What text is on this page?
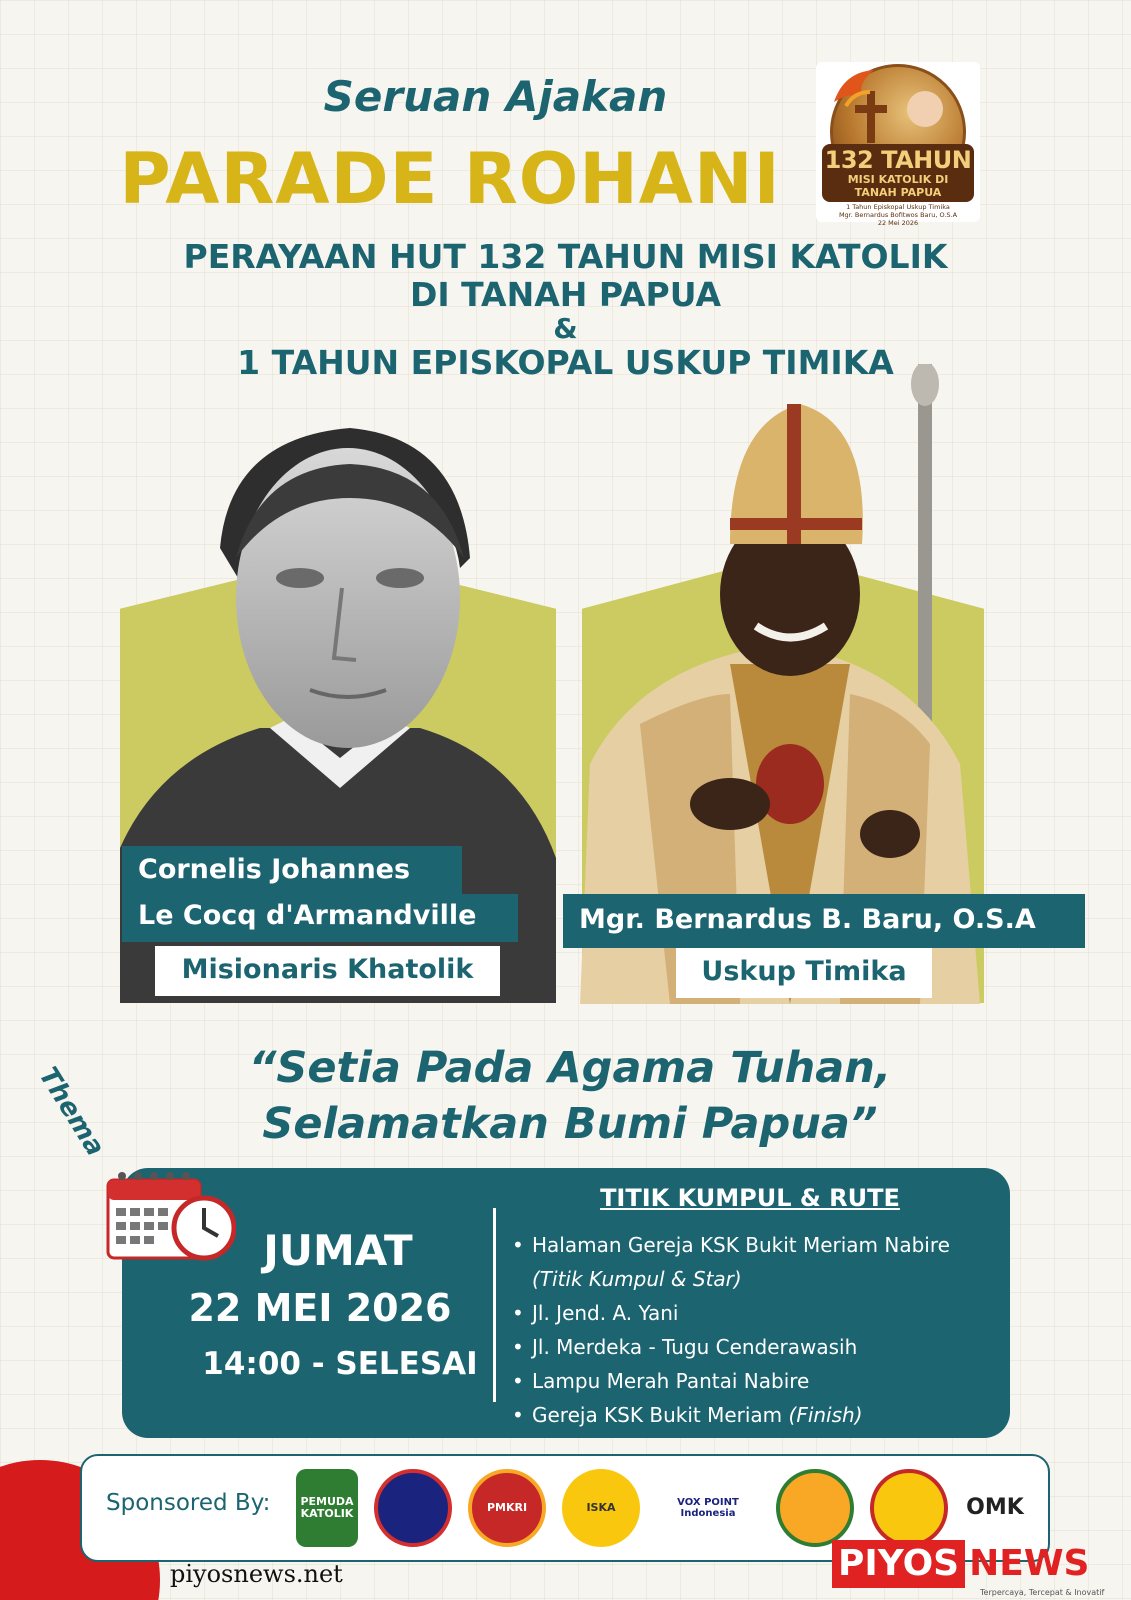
Seruan Ajakan
PARADE ROHANI
PERAYAAN HUT 132 TAHUN MISI KATOLIK
DI TANAH PAPUA
&
1 TAHUN EPISKOPAL USKUP TIMIKA
132 TAHUN
MISI KATOLIK DI
TANAH PAPUA
1 Tahun Episkopal Uskup Timika
Mgr. Bernardus Bofitwos Baru, O.S.A
22 Mei 2026
Cornelis Johannes
Le Cocq d'Armandville
Misionaris Khatolik
Mgr. Bernardus B. Baru, O.S.A
Uskup Timika
Thema	“Setia Pada Agama Tuhan,
Selamatkan Bumi Papua”
JUMAT
22 MEI 2026
14:00 - SELESAI
TITIK KUMPUL & RUTE
• Halaman Gereja KSK Bukit Meriam Nabire (Titik Kumpul & Star)
• Jl. Jend. A. Yani
• Jl. Merdeka - Tugu Cenderawasih
• Lampu Merah Pantai Nabire
• Gereja KSK Bukit Meriam (Finish)
Sponsored By:	PEMUDA KATOLIK	PMKRI	ISKA	VOX POINT Indonesia	OMK
piyosnews.net	PIYOS NEWS
Terpercaya, Tercepat & Inovatif
